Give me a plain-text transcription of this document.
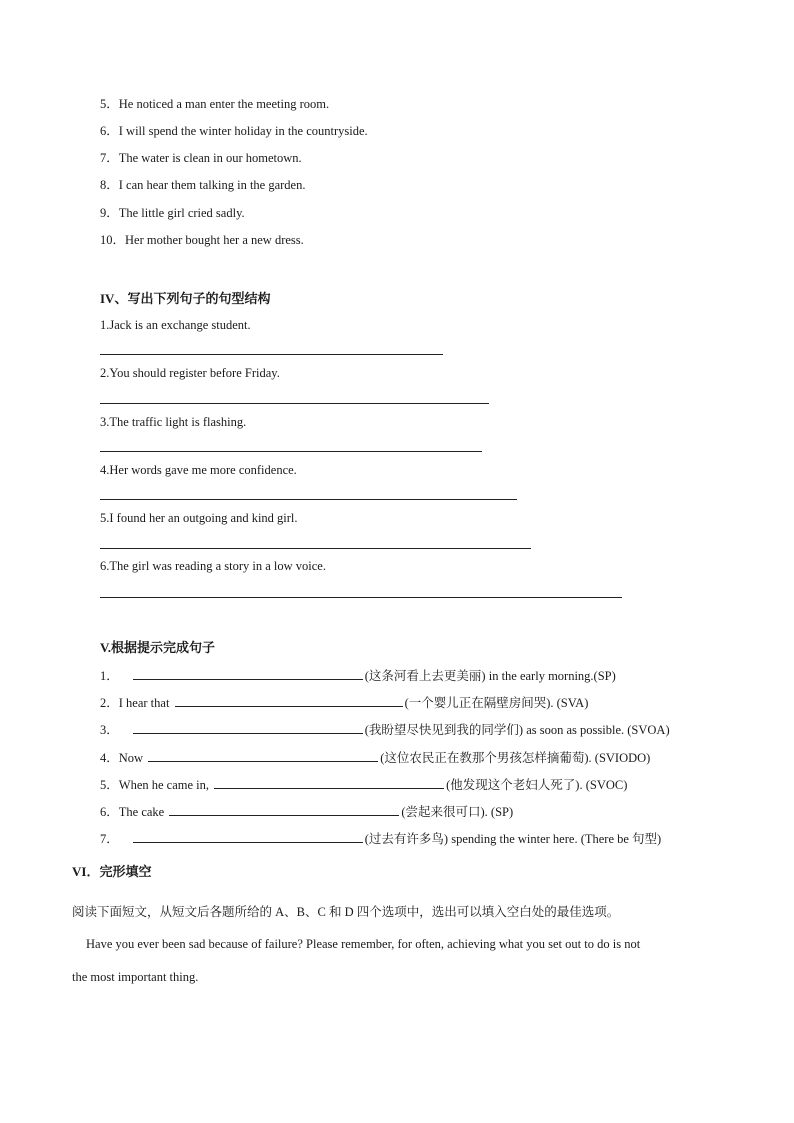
5．He noticed a man enter the meeting room.
6．I will spend the winter holiday in the countryside.
7．The water is clean in our hometown.
8．I can hear them talking in the garden.
9．The little girl cried sadly.
10．Her mother bought her a new dress.
IV、写出下列句子的句型结构
1.Jack is an exchange student.
2.You should register before Friday.
3.The traffic light is flashing.
4.Her words gave me more confidence.
5.I found her an outgoing and kind girl.
6.The girl was reading a story in a low voice.
V.根据提示完成句子
1．	(这条河看上去更美丽) in the early morning.(SP)
2．I hear that	(一个婴儿正在隔壁房间哭). (SVA)
3．	(我盼望尽快见到我的同学们) as soon as possible. (SVOA)
4．Now	(这位农民正在教那个男孩怎样摘葡萄). (SVIODO)
5．When he came in,	(他发现这个老妇人死了). (SVOC)
6．The cake	(尝起来很可口). (SP)
7．	(过去有许多鸟) spending the winter here. (There be 句型)
VI．完形填空
阅读下面短文，从短文后各题所给的 A、B、C 和 D 四个选项中，选出可以填入空白处的最佳选项。
Have you ever been sad because of failure? Please remember, for often, achieving what you set out to do is not
the most important thing.
